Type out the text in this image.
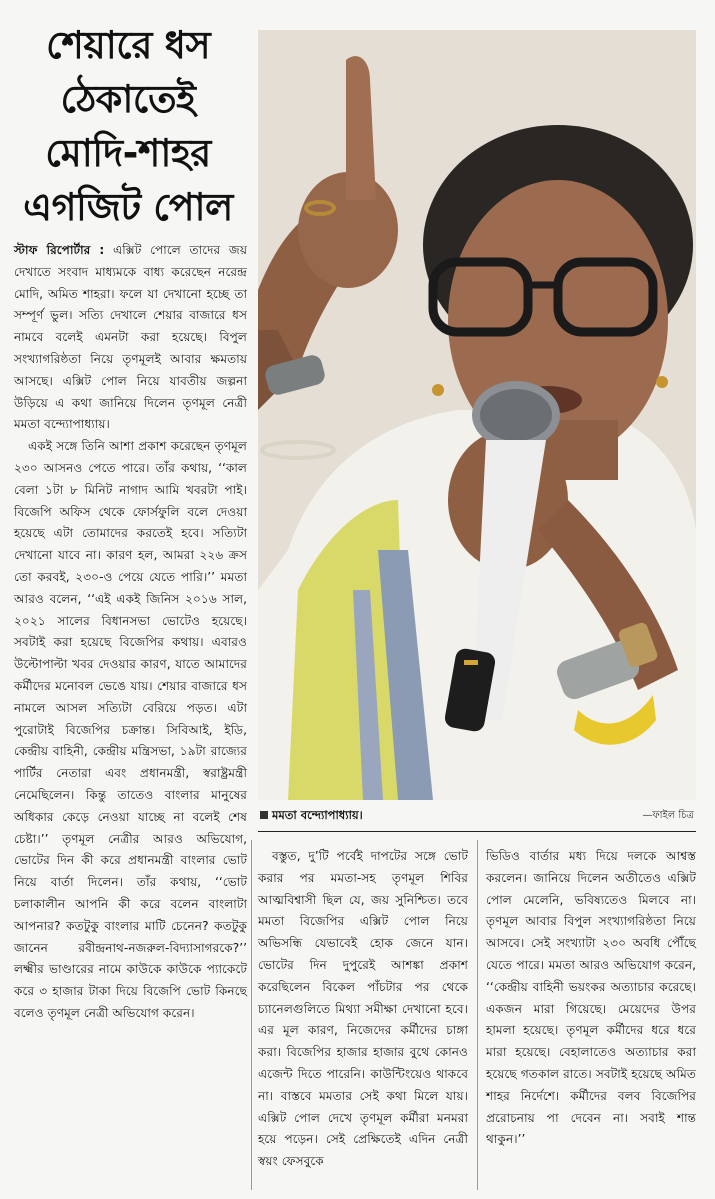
শেয়ারে ধস
ঠেকাতেই
মোদি-শাহর
এগজিট পোল

স্টাফ রিপোর্টার : এক্সিট পোলে তাদের জয় দেখাতে সংবাদ মাধ্যমকে বাধ্য করেছেন নরেন্দ্র মোদি, অমিত শাহরা। ফলে যা দেখানো হচ্ছে তা সম্পূর্ণ ভুল। সত্যি দেখালে শেয়ার বাজারে ধস নামবে বলেই এমনটা করা হয়েছে। বিপুল সংখ্যাগরিষ্ঠতা নিয়ে তৃণমূলই আবার ক্ষমতায় আসছে। এক্সিট পোল নিয়ে যাবতীয় জল্পনা উড়িয়ে এ কথা জানিয়ে দিলেন তৃণমূল নেত্রী মমতা বন্দ্যোপাধ্যায়।

একই সঙ্গে তিনি আশা প্রকাশ করেছেন তৃণমূল ২৩০ আসনও পেতে পারে। তাঁর কথায়, ‘‘কাল বেলা ১টা ৮ মিনিট নাগাদ আমি খবরটা পাই। বিজেপি অফিস থেকে ফোর্সফুলি বলে দেওয়া হয়েছে এটা তোমাদের করতেই হবে। সত্যিটা দেখানো যাবে না। কারণ হল, আমরা ২২৬ ক্রস তো করবই, ২৩০-ও পেয়ে যেতে পারি।’’ মমতা আরও বলেন, ‘‘এই একই জিনিস ২০১৬ সাল, ২০২১ সালের বিধানসভা ভোটেও হয়েছে। সবটাই করা হয়েছে বিজেপির কথায়। এবারও উল্টোপাল্টা খবর দেওয়ার কারণ, যাতে আমাদের কর্মীদের মনোবল ভেঙে যায়। শেয়ার বাজারে ধস নামলে আসল সত্যিটা বেরিয়ে পড়ত। এটা পুরোটাই বিজেপির চক্রান্ত। সিবিআই, ইডি, কেন্দ্রীয় বাহিনী, কেন্দ্রীয় মন্ত্রিসভা, ১৯টা রাজ্যের পার্টির নেতারা এবং প্রধানমন্ত্রী, স্বরাষ্ট্রমন্ত্রী নেমেছিলেন। কিন্তু তাতেও বাংলার মানুষের অধিকার কেড়ে নেওয়া যাচ্ছে না বলেই শেষ চেষ্টা।’’ তৃণমূল নেত্রীর আরও অভিযোগ, ভোটের দিন কী করে প্রধানমন্ত্রী বাংলার ভোট নিয়ে বার্তা দিলেন। তাঁর কথায়, ‘‘ভোট চলাকালীন আপনি কী করে বলেন বাংলাটা আপনার? কতটুকু বাংলার মাটি চেনেন? কতটুকু জানেন রবীন্দ্রনাথ-নজরুল-বিদ্যাসাগরকে?’’ লক্ষ্মীর ভাণ্ডারের নামে কাউকে কাউকে প্যাকেটে করে ৩ হাজার টাকা দিয়ে বিজেপি ভোট কিনছে বলেও তৃণমূল নেত্রী অভিযোগ করেন।

মমতা বন্দ্যোপাধ্যায়।	—ফাইল চিত্র

বস্তুত, দু’টি পর্বেই দাপটের সঙ্গে ভোট করার পর মমতা-সহ তৃণমূল শিবির আত্মবিশ্বাসী ছিল যে, জয় সুনিশ্চিত। তবে মমতা বিজেপির এক্সিট পোল নিয়ে অভিসন্ধি যেভাবেই হোক জেনে যান। ভোটের দিন দুপুরেই আশঙ্কা প্রকাশ করেছিলেন বিকেল পাঁচটার পর থেকে চ্যানেলগুলিতে মিথ্যা সমীক্ষা দেখানো হবে। এর মূল কারণ, নিজেদের কর্মীদের চাঙ্গা করা। বিজেপির হাজার হাজার বুথে কোনও এজেন্ট দিতে পারেনি। কাউন্টিংয়েও থাকবে না। বাস্তবে মমতার সেই কথা মিলে যায়। এক্সিট পোল দেখে তৃণমূল কর্মীরা মনমরা হয়ে পড়েন। সেই প্রেক্ষিতেই এদিন নেত্রী স্বয়ং ফেসবুকে

ভিডিও বার্তার মধ্য দিয়ে দলকে আশ্বস্ত করলেন। জানিয়ে দিলেন অতীতেও এক্সিট পোল মেলেনি, ভবিষ্যতেও মিলবে না। তৃণমূল আবার বিপুল সংখ্যাগরিষ্ঠতা নিয়ে আসবে। সেই সংখ্যাটা ২৩০ অবধি পৌঁছে যেতে পারে। মমতা আরও অভিযোগ করেন, ‘‘কেন্দ্রীয় বাহিনী ভয়ংকর অত্যাচার করেছে। একজন মারা গিয়েছে। মেয়েদের উপর হামলা হয়েছে। তৃণমূল কর্মীদের ধরে ধরে মারা হয়েছে। বেহালাতেও অত্যাচার করা হয়েছে গতকাল রাতে। সবটাই হয়েছে অমিত শাহর নির্দেশে। কর্মীদের বলব বিজেপির প্ররোচনায় পা দেবেন না। সবাই শান্ত থাকুন।’’
